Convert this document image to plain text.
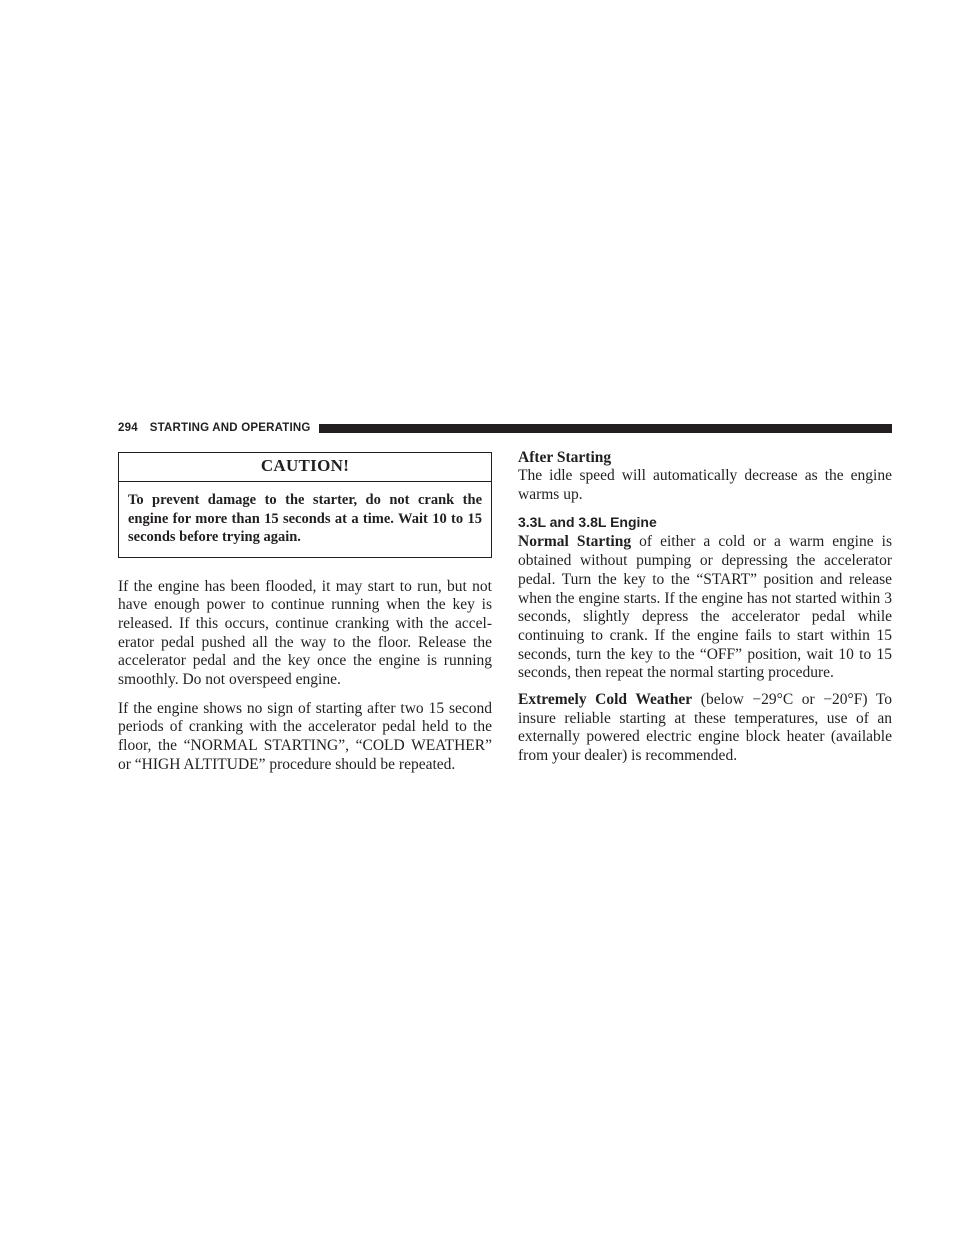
294 STARTING AND OPERATING
CAUTION!
To prevent damage to the starter, do not crank the engine for more than 15 seconds at a time. Wait 10 to 15 seconds before trying again.

If the engine has been flooded, it may start to run, but not have enough power to continue running when the key is released. If this occurs, continue cranking with the accel-erator pedal pushed all the way to the floor. Release the accelerator pedal and the key once the engine is running smoothly. Do not overspeed engine.

If the engine shows no sign of starting after two 15 second periods of cranking with the accelerator pedal held to the floor, the “NORMAL STARTING”, “COLD WEATHER” or “HIGH ALTITUDE” procedure should be repeated.

After Starting

The idle speed will automatically decrease as the engine warms up.

3.3L and 3.8L Engine

Normal Starting of either a cold or a warm engine is obtained without pumping or depressing the accelerator pedal. Turn the key to the “START” position and release when the engine starts. If the engine has not started within 3 seconds, slightly depress the accelerator pedal while continuing to crank. If the engine fails to start within 15 seconds, turn the key to the “OFF” position, wait 10 to 15 seconds, then repeat the normal starting procedure.

Extremely Cold Weather (below −29°C or −20°F) To insure reliable starting at these temperatures, use of an externally powered electric engine block heater (available from your dealer) is recommended.
